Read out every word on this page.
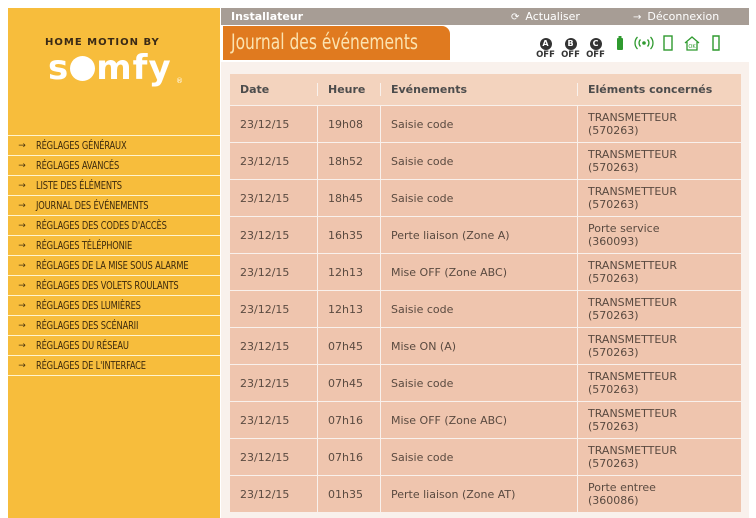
HOME MOTION BY
s mfy ®
→ RÉGLAGES GÉNÉRAUX
→ RÉGLAGES AVANCÉS
→ LISTE DES ÉLÉMENTS
→ JOURNAL DES ÉVÉNEMENTS
→ RÉGLAGES DES CODES D'ACCÈS
→ RÉGLAGES TÉLÉPHONIE
→ RÉGLAGES DE LA MISE SOUS ALARME
→ RÉGLAGES DES VOLETS ROULANTS
→ RÉGLAGES DES LUMIÈRES
→ RÉGLAGES DES SCÉNARII
→ RÉGLAGES DU RÉSEAU
→ RÉGLAGES DE L'INTERFACE
Installateur	⟳ Actualiser	→ Déconnexion
Journal des événements	A
OFF
B
OFF
C
OFF
OK
Date	Heure	Evénements	Eléments concernés
23/12/15	19h08	Saisie code	TRANSMETTEUR
(570263)
23/12/15	18h52	Saisie code	TRANSMETTEUR
(570263)
23/12/15	18h45	Saisie code	TRANSMETTEUR
(570263)
23/12/15	16h35	Perte liaison (Zone A)	Porte service
(360093)
23/12/15	12h13	Mise OFF (Zone ABC)	TRANSMETTEUR
(570263)
23/12/15	12h13	Saisie code	TRANSMETTEUR
(570263)
23/12/15	07h45	Mise ON (A)	TRANSMETTEUR
(570263)
23/12/15	07h45	Saisie code	TRANSMETTEUR
(570263)
23/12/15	07h16	Mise OFF (Zone ABC)	TRANSMETTEUR
(570263)
23/12/15	07h16	Saisie code	TRANSMETTEUR
(570263)
23/12/15	01h35	Perte liaison (Zone AT)	Porte entree
(360086)
